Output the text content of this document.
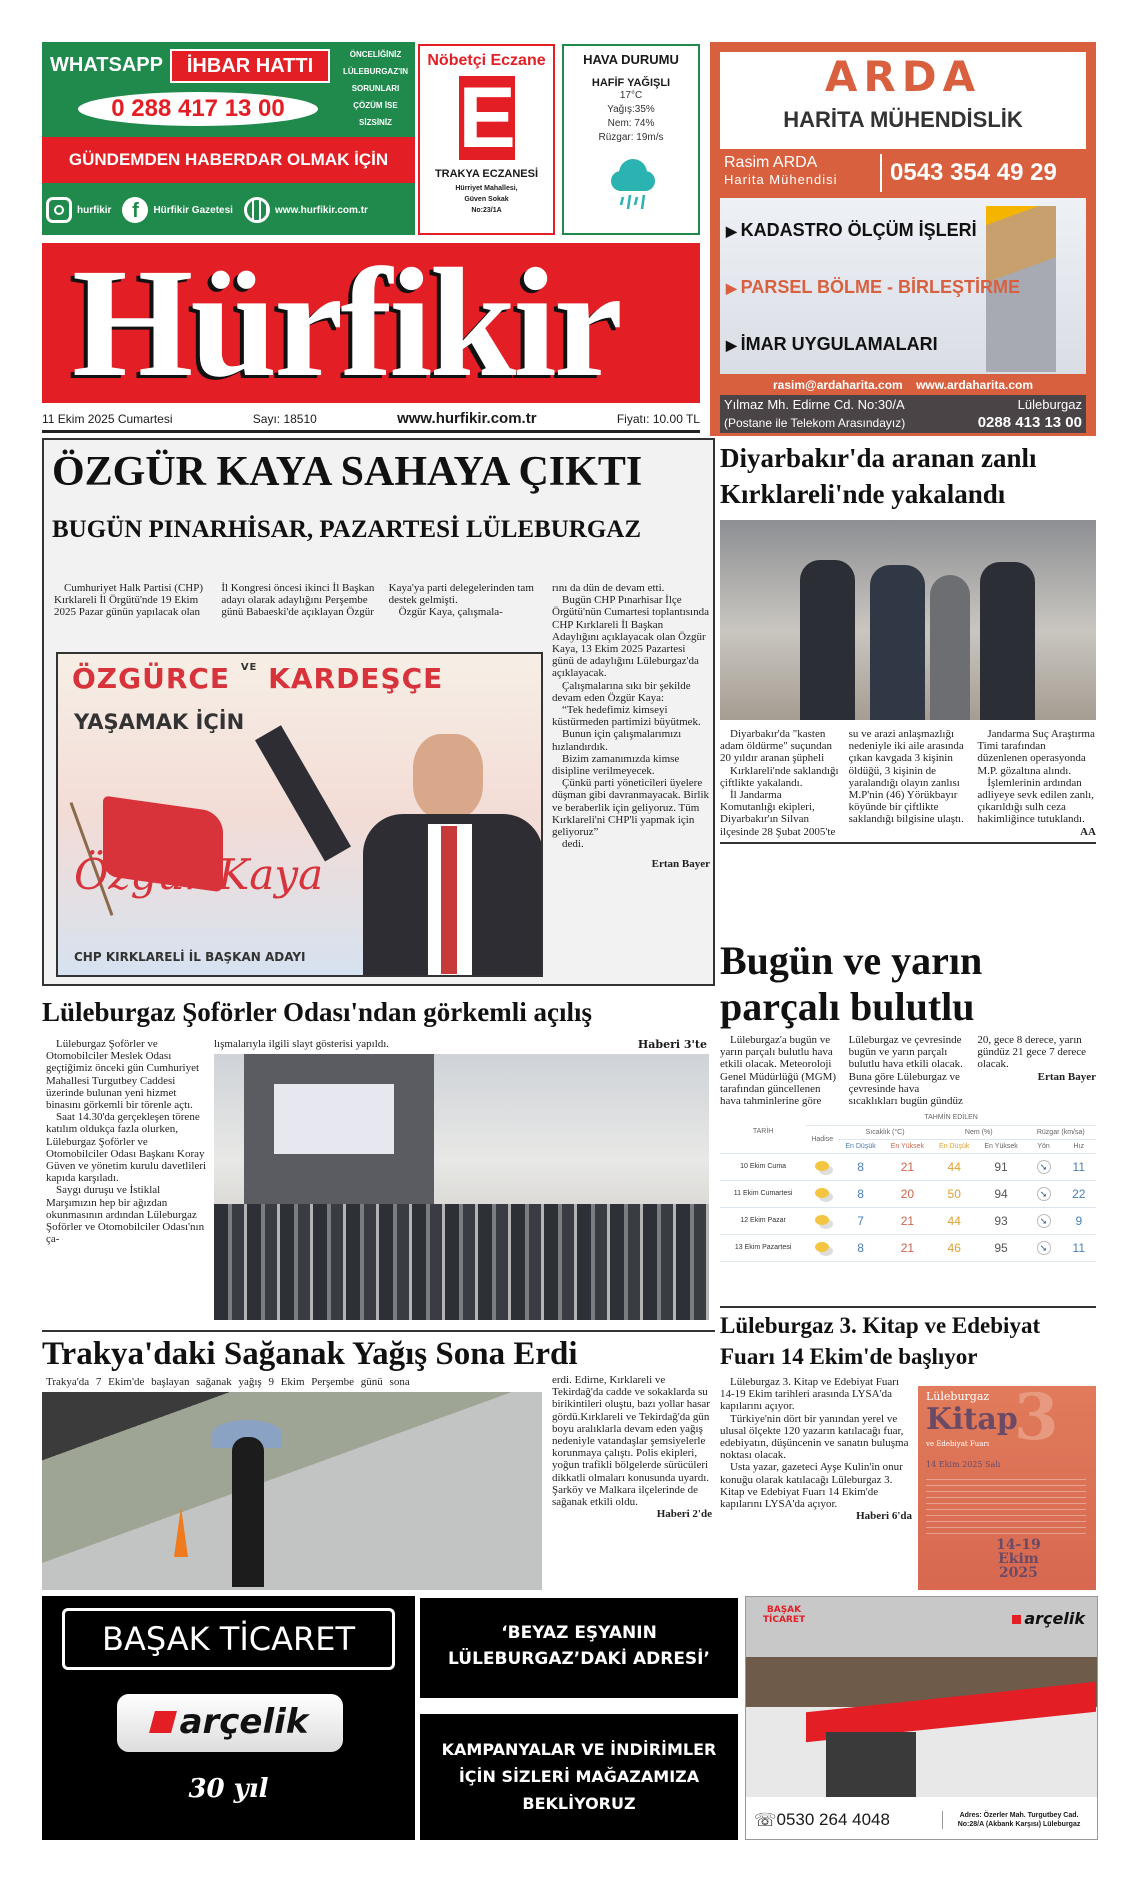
WHATSAPP	İHBAR HATTI
ÖNCELİĞİNİZ
LÜLEBURGAZ'IN
SORUNLARI
ÇÖZÜM İSE
SİZSİNİZ
0 288 417 13 00
GÜNDEMDEN HABERDAR OLMAK İÇİN
hurfikir	f	Hürfikir Gazetesi	www.hurfikir.com.tr
Nöbetçi Eczane
E
TRAKYA ECZANESİ
Hürriyet Mahallesi,
Güven Sokak
No:23/1A
HAVA DURUMU
HAFİF YAĞIŞLI
17°C
Yağış:35%
Nem: 74%
Rüzgar: 19m/s
ARDA
HARİTA MÜHENDİSLİK
Rasim ARDA
Harita Mühendisi	0543 354 49 29
▶ KADASTRO ÖLÇÜM İŞLERİ
▶ PARSEL BÖLME - BİRLEŞTİRME
▶ İMAR UYGULAMALARI
rasim@ardaharita.com www.ardaharita.com
Yılmaz Mh. Edirne Cd. No:30/A	Lüleburgaz
(Postane ile Telekom Arasındayız)	0288 413 13 00
Hürfikir
11 Ekim 2025 Cumartesi	Sayı: 18510	www.hurfikir.com.tr	Fiyatı: 10.00 TL
ÖZGÜR KAYA SAHAYA ÇIKTI
BUGÜN PINARHİSAR, PAZARTESİ LÜLEBURGAZ

Cumhuriyet Halk Partisi (CHP) Kırklareli İl Örgütü'nde 19 Ekim 2025 Pazar günün yapılacak olan İl Kongresi öncesi ikinci İl Başkan adayı olarak adaylığını Perşembe günü Babaeski'de açıklayan Özgür Kaya'ya parti delegelerinden tam destek gelmişti.

Özgür Kaya, çalışmala-

rını da dün de devam etti.

Bugün CHP Pınarhisar İlçe Örgütü'nün Cumartesi toplantısında CHP Kırklareli İl Başkan Adaylığını açıklayacak olan Özgür Kaya, 13 Ekim 2025 Pazartesi günü de adaylığını Lüleburgaz'da açıklayacak.

Çalışmalarına sıkı bir şekilde devam eden Özgür Kaya:

“Tek hedefimiz kimseyi küstürmeden partimizi büyütmek.

Bunun için çalışmalarımızı hızlandırdık.

Bizim zamanımızda kimse disipline verilmeyecek.

Çünkü parti yöneticileri üyelere düşman gibi davranmayacak. Birlik ve beraberlik için geliyoruz. Tüm Kırklareli'ni CHP'li yapmak için geliyoruz”

dedi.

Ertan Bayer
ÖZGÜRCE $^{VE}$ KARDEŞÇE
YAŞAMAK İÇİN
Özgür Kaya
CHP KIRKLARELİ İL BAŞKAN ADAYI
Diyarbakır'da aranan zanlı
Kırklareli'nde yakalandı

Diyarbakır'da "kasten adam öldürme" suçundan 20 yıldır aranan şüpheli

Kırklareli'nde saklandığı çiftlikte yakalandı.

İl Jandarma Komutanlığı ekipleri, Diyarbakır'ın Silvan ilçesinde 28 Şubat 2005'te su ve arazi anlaşmazlığı nedeniyle iki aile arasında çıkan kavgada 3 kişinin öldüğü, 3 kişinin de yaralandığı olayın zanlısı M.P'nin (46) Yörükbayır köyünde bir çiftlikte saklandığı bilgisine ulaştı.

Jandarma Suç Araştırma Timi tarafından düzenlenen operasyonda M.P. gözaltına alındı.

İşlemlerinin ardından adliyeye sevk edilen zanlı, çıkarıldığı sulh ceza hakimliğince tutuklandı.

AA
Bugün ve yarın
parçalı bulutlu

Lüleburgaz'a bugün ve yarın parçalı bulutlu hava etkili olacak. Meteoroloji Genel Müdürlüğü (MGM) tarafından güncellenen hava tahminlerine göre Lüleburgaz ve çevresinde bugün ve yarın parçalı bulutlu hava etkili olacak. Buna göre Lüleburgaz ve çevresinde hava sıcaklıkları bugün gündüz 20, gece 8 derece, yarın gündüz 21 gece 7 derece olacak.

Ertan Bayer
TARİH	TAHMİN EDİLEN						
	Hadise	Sıcaklık (°C)		Nem (%)		Rüzgar (km/sa)	
		En Düşük	En Yüksek	En Düşük	En Yüksek	Yön	Hız
10 Ekim Cuma		8	21	44	91	➘	11
11 Ekim Cumartesi		8	20	50	94	➘	22
12 Ekim Pazar		7	21	44	93	➘	9
13 Ekim Pazartesi		8	21	46	95	➘	11
Lüleburgaz Şoförler Odası'ndan görkemli açılış

Lüleburgaz Şoförler ve Otomobilciler Meslek Odası geçtiğimiz önceki gün Cumhuriyet Mahallesi Turgutbey Caddesi üzerinde bulunan yeni hizmet binasını görkemli bir törenle açtı.

Saat 14.30'da gerçekleşen törene katılım oldukça fazla olurken, Lüleburgaz Şoförler ve Otomobilciler Odası Başkanı Koray Güven ve yönetim kurulu davetlileri kapıda karşıladı.

Saygı duruşu ve İstiklal Marşımızın hep bir ağızdan okunmasının ardından Lüleburgaz Şoförler ve Otomobilciler Odası'nın ça-

lışmalarıyla ilgili slayt gösterisi yapıldı.	Haberi 3'te
Trakya'daki Sağanak Yağış Sona Erdi
Trakya'da 7 Ekim'de başlayan sağanak yağış 9 Ekim Perşembe günü sona	erdi. Edirne, Kırklareli ve Tekirdağ'da cadde ve sokaklarda su birikintileri oluştu, bazı yollar hasar gördü.Kırklareli ve Tekirdağ'da gün boyu aralıklarla devam eden yağış nedeniyle vatandaşlar şemsiyelerle korunmaya çalıştı. Polis ekipleri, yoğun trafikli bölgelerde sürücüleri dikkatli olmaları konusunda uyardı. Şarköy ve Malkara ilçelerinde de sağanak etkili oldu.

Haberi 2'de
Lüleburgaz 3. Kitap ve Edebiyat
Fuarı 14 Ekim'de başlıyor

Lüleburgaz 3. Kitap ve Edebiyat Fuarı 14-19 Ekim tarihleri arasında LYSA'da kapılarını açıyor.

Türkiye'nin dört bir yanından yerel ve ulusal ölçekte 120 yazarın katılacağı fuar, edebiyatın, düşüncenin ve sanatın buluşma noktası olacak.

Usta yazar, gazeteci Ayşe Kulin'in onur konuğu olarak katılacağı Lüleburgaz 3. Kitap ve Edebiyat Fuarı 14 Ekim'de kapılarını LYSA'da açıyor.

Haberi 6'da
Lüleburgaz 3
Kitap
ve Edebiyat Fuarı
14 Ekim 2025 Salı
14-19
Ekim
2025
BAŞAK TİCARET
arçelik
30 yıl
‘BEYAZ EŞYANIN LÜLEBURGAZ’DAKİ ADRESİ’
KAMPANYALAR VE İNDİRİMLER İÇİN SİZLERİ MAĞAZAMIZA BEKLİYORUZ
BAŞAK TİCARET	arçelik
☏ 0530 264 4048	Adres: Özerler Mah. Turgutbey Cad. No:28/A (Akbank Karşısı) Lüleburgaz
